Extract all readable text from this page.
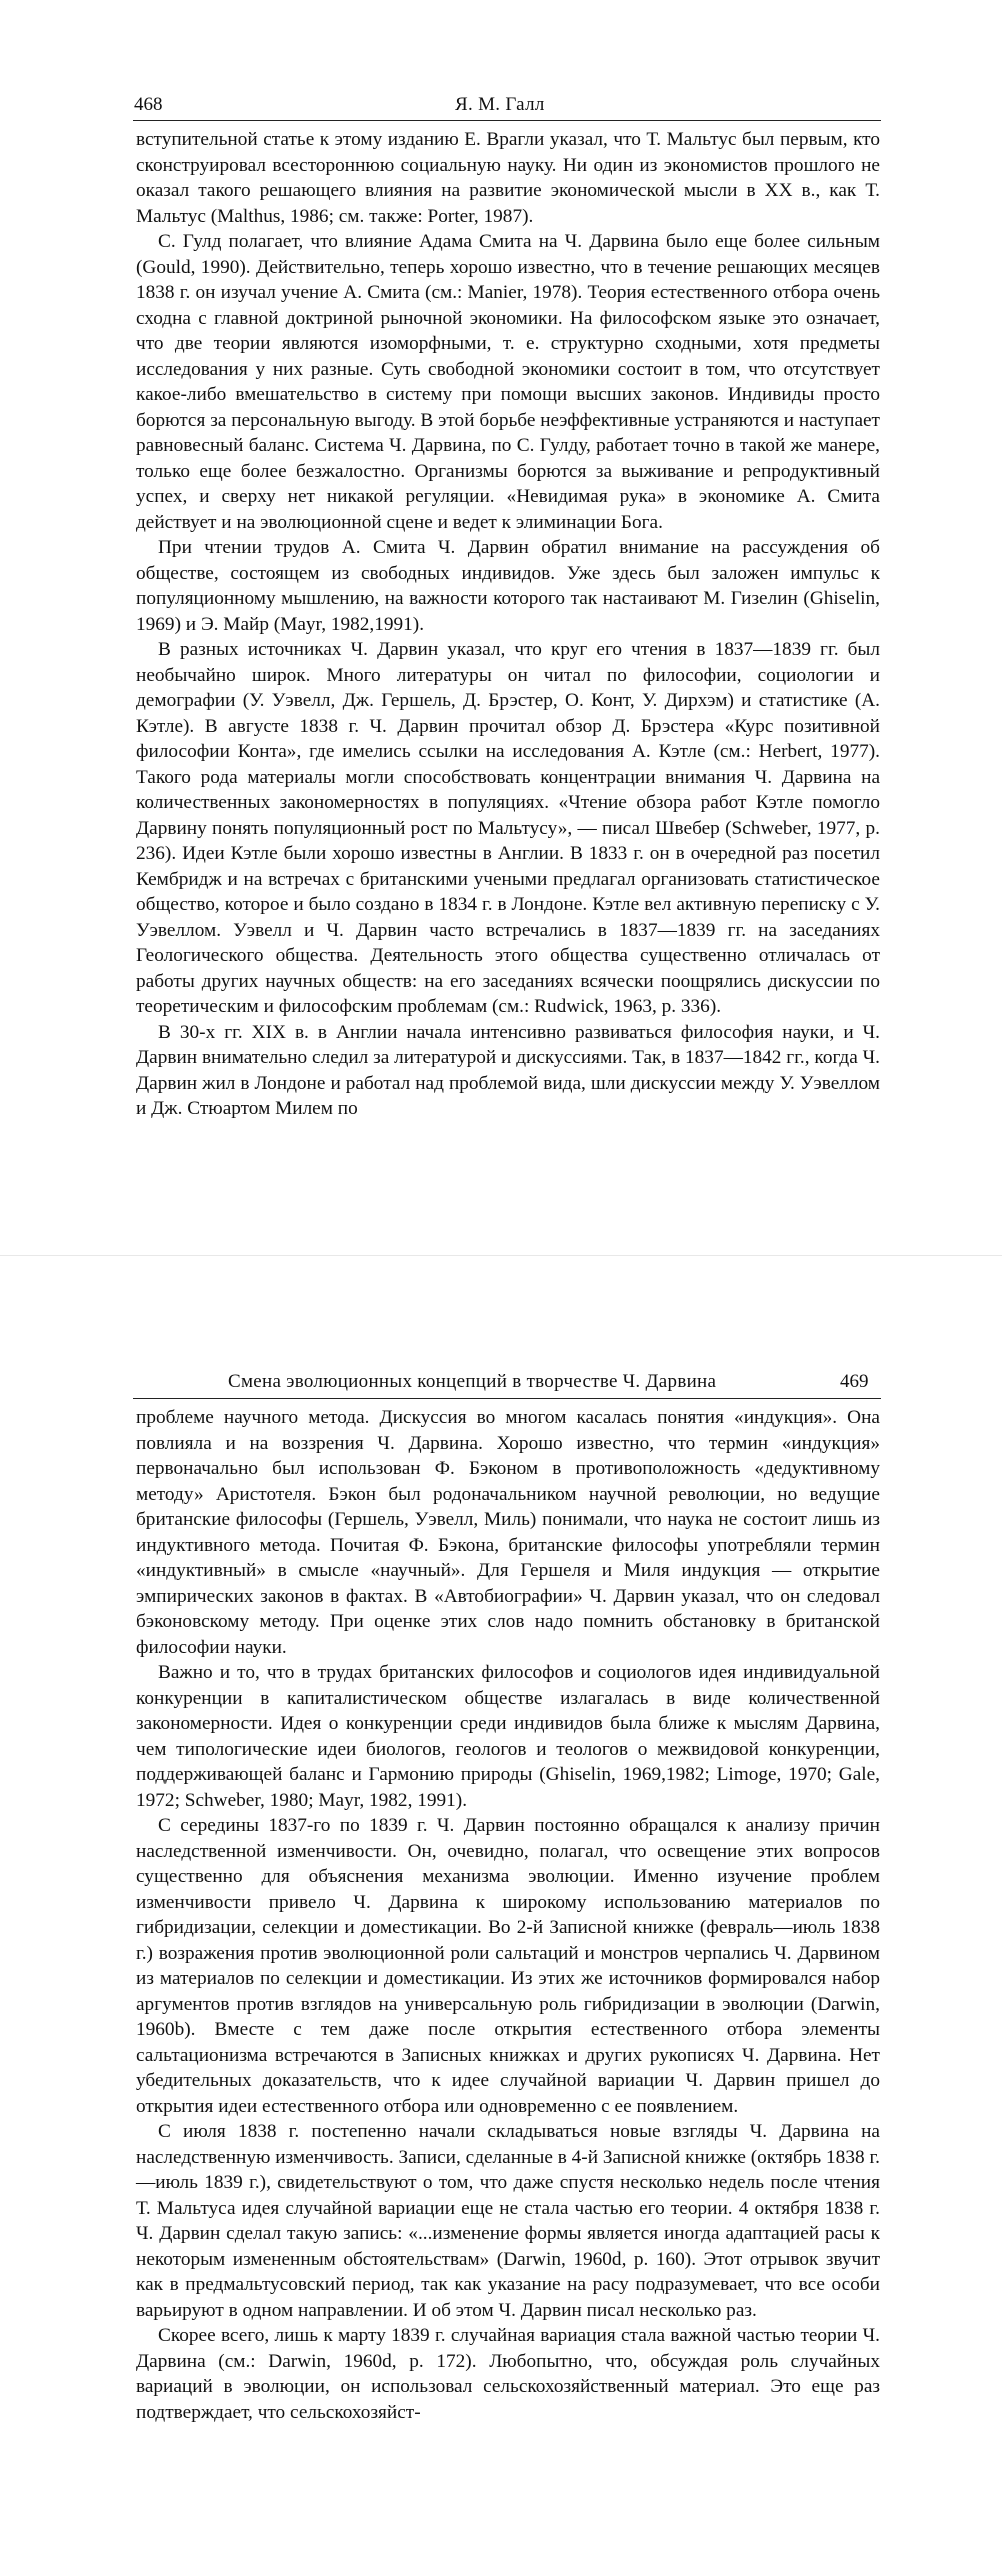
468	Я. М. Галл

вступительной статье к этому изданию Е. Врагли указал, что Т. Мальтус был первым, кто сконструировал всестороннюю социальную науку. Ни один из экономистов прошлого не оказал такого решающего влияния на развитие экономической мысли в XX в., как Т. Мальтус (Malthus, 1986; см. также: Porter, 1987).

С. Гулд полагает, что влияние Адама Смита на Ч. Дарвина было еще более сильным (Gould, 1990). Действительно, теперь хорошо известно, что в течение решающих месяцев 1838 г. он изучал учение А. Смита (см.: Manier, 1978). Теория естественного отбора очень сходна с главной доктриной рыночной экономики. На философском языке это означает, что две теории являются изоморфными, т. е. структурно сходными, хотя предметы исследования у них разные. Суть свободной экономики состоит в том, что отсутствует какое-либо вмешательство в систему при помощи высших законов. Индивиды просто борются за персональную выгоду. В этой борьбе неэффективные устраняются и наступает равновесный баланс. Система Ч. Дарвина, по С. Гулду, работает точно в такой же манере, только еще более безжалостно. Организмы борются за выживание и репродуктивный успех, и сверху нет никакой регуляции. «Невидимая рука» в экономике А. Смита действует и на эволюционной сцене и ведет к элиминации Бога.

При чтении трудов А. Смита Ч. Дарвин обратил внимание на рассуждения об обществе, состоящем из свободных индивидов. Уже здесь был заложен импульс к популяционному мышлению, на важности которого так настаивают М. Гизелин (Ghiselin, 1969) и Э. Майр (Mayr, 1982,1991).

В разных источниках Ч. Дарвин указал, что круг его чтения в 1837—1839 гг. был необычайно широк. Много литературы он читал по философии, социологии и демографии (У. Уэвелл, Дж. Гершель, Д. Брэстер, О. Конт, У. Дирхэм) и статистике (А. Кэтле). В августе 1838 г. Ч. Дарвин прочитал обзор Д. Брэстера «Курс позитивной философии Конта», где имелись ссылки на исследования А. Кэтле (см.: Herbert, 1977). Такого рода материалы могли способствовать концентрации внимания Ч. Дарвина на количественных закономерностях в популяциях. «Чтение обзора работ Кэтле помогло Дарвину понять популяционный рост по Мальтусу», — писал Швебер (Schweber, 1977, p. 236). Идеи Кэтле были хорошо известны в Англии. В 1833 г. он в очередной раз посетил Кембридж и на встречах с британскими учеными предлагал организовать статистическое общество, которое и было создано в 1834 г. в Лондоне. Кэтле вел активную переписку с У. Уэвеллом. Уэвелл и Ч. Дарвин часто встречались в 1837—1839 гг. на заседаниях Геологического общества. Деятельность этого общества существенно отличалась от работы других научных обществ: на его заседаниях всячески поощрялись дискуссии по теоретическим и философским проблемам (см.: Rudwick, 1963, p. 336).

В 30-х гг. XIX в. в Англии начала интенсивно развиваться философия науки, и Ч. Дарвин внимательно следил за литературой и дискуссиями. Так, в 1837—1842 гг., когда Ч. Дарвин жил в Лондоне и работал над проблемой вида, шли дискуссии между У. Уэвеллом и Дж. Стюартом Милем по

Смена эволюционных концепций в творчестве Ч. Дарвина	469

проблеме научного метода. Дискуссия во многом касалась понятия «индукция». Она повлияла и на воззрения Ч. Дарвина. Хорошо известно, что термин «индукция» первоначально был использован Ф. Бэконом в противоположность «дедуктивному методу» Аристотеля. Бэкон был родоначальником научной революции, но ведущие британские философы (Гершель, Уэвелл, Миль) понимали, что наука не состоит лишь из индуктивного метода. Почитая Ф. Бэкона, британские философы употребляли термин «индуктивный» в смысле «научный». Для Гершеля и Миля индукция — открытие эмпирических законов в фактах. В «Автобиографии» Ч. Дарвин указал, что он следовал бэконовскому методу. При оценке этих слов надо помнить обстановку в британской философии науки.

Важно и то, что в трудах британских философов и социологов идея индивидуальной конкуренции в капиталистическом обществе излагалась в виде количественной закономерности. Идея о конкуренции среди индивидов была ближе к мыслям Дарвина, чем типологические идеи биологов, геологов и теологов о межвидовой конкуренции, поддерживающей баланс и Гармонию природы (Ghiselin, 1969,1982; Limoge, 1970; Gale, 1972; Schweber, 1980; Mayr, 1982, 1991).

С середины 1837-го по 1839 г. Ч. Дарвин постоянно обращался к анализу причин наследственной изменчивости. Он, очевидно, полагал, что освещение этих вопросов существенно для объяснения механизма эволюции. Именно изучение проблем изменчивости привело Ч. Дарвина к широкому использованию материалов по гибридизации, селекции и доместикации. Во 2-й Записной книжке (февраль—июль 1838 г.) возражения против эволюционной роли сальтаций и монстров черпались Ч. Дарвином из материалов по селекции и доместикации. Из этих же источников формировался набор аргументов против взглядов на универсальную роль гибридизации в эволюции (Darwin, 1960b). Вместе с тем даже после открытия естественного отбора элементы сальтационизма встречаются в Записных книжках и других рукописях Ч. Дарвина. Нет убедительных доказательств, что к идее случайной вариации Ч. Дарвин пришел до открытия идеи естественного отбора или одновременно с ее появлением.

С июля 1838 г. постепенно начали складываться новые взгляды Ч. Дарвина на наследственную изменчивость. Записи, сделанные в 4-й Записной книжке (октябрь 1838 г.—июль 1839 г.), свидетельствуют о том, что даже спустя несколько недель после чтения Т. Мальтуса идея случайной вариации еще не стала частью его теории. 4 октября 1838 г. Ч. Дарвин сделал такую запись: «...изменение формы является иногда адаптацией расы к некоторым измененным обстоятельствам» (Darwin, 1960d, p. 160). Этот отрывок звучит как в предмальтусовский период, так как указание на расу подразумевает, что все особи варьируют в одном направлении. И об этом Ч. Дарвин писал несколько раз.

Скорее всего, лишь к марту 1839 г. случайная вариация стала важной частью теории Ч. Дарвина (см.: Darwin, 1960d, p. 172). Любопытно, что, обсуждая роль случайных вариаций в эволюции, он использовал сельскохозяйственный материал. Это еще раз подтверждает, что сельскохозяйст-
